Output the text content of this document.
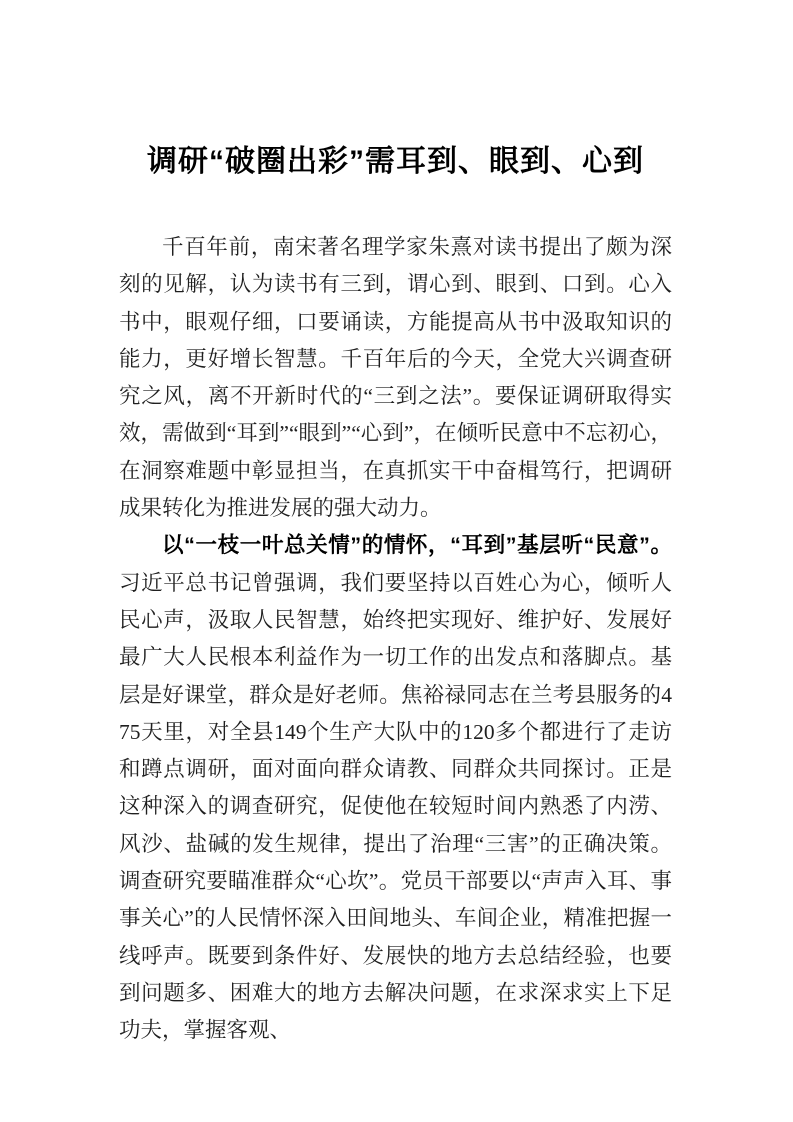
调研“破圈出彩”需耳到、眼到、心到

千百年前，南宋著名理学家朱熹对读书提出了颇为深刻的见解，认为读书有三到，谓心到、眼到、口到。心入书中，眼观仔细，口要诵读，方能提高从书中汲取知识的能力，更好增长智慧。千百年后的今天，全党大兴调查研究之风，离不开新时代的“三到之法”。要保证调研取得实效，需做到“耳到”“眼到”“心到”，在倾听民意中不忘初心，在洞察难题中彰显担当，在真抓实干中奋楫笃行，把调研成果转化为推进发展的强大动力。

以“一枝一叶总关情”的情怀，“耳到”基层听“民意”。习近平总书记曾强调，我们要坚持以百姓心为心，倾听人民心声，汲取人民智慧，始终把实现好、维护好、发展好最广大人民根本利益作为一切工作的出发点和落脚点。基层是好课堂，群众是好老师。焦裕禄同志在兰考县服务的475天里，对全县149个生产大队中的120多个都进行了走访和蹲点调研，面对面向群众请教、同群众共同探讨。正是这种深入的调查研究，促使他在较短时间内熟悉了内涝、风沙、盐碱的发生规律，提出了治理“三害”的正确决策。调查研究要瞄准群众“心坎”。党员干部要以“声声入耳、事事关心”的人民情怀深入田间地头、车间企业，精准把握一线呼声。既要到条件好、发展快的地方去总结经验，也要到问题多、困难大的地方去解决问题，在求深求实上下足功夫，掌握客观、
